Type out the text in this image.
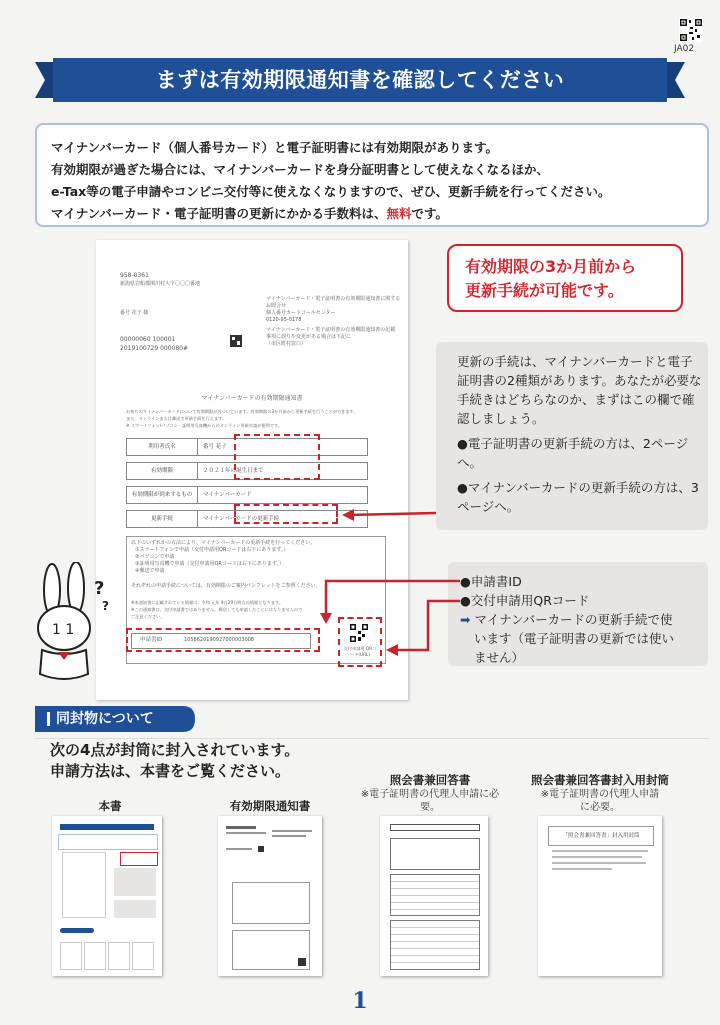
JA02
まずは有効期限通知書を確認してください

マイナンバーカード（個人番号カード）と電子証明書には有効期限があります。

有効期限が過ぎた場合には、マイナンバーカードを身分証明書として使えなくなるほか、

e-Tax等の電子申請やコンビニ交付等に使えなくなりますので、ぜひ、更新手続を行ってください。

マイナンバーカード・電子証明書の更新にかかる手数料は、無料です。

有効期限の3か月前から
更新手続が可能です。
958-0361
新潟県岩船郡関川村大字〇〇〇番地
番号 花子 様
00000060 100001
2019100729 000080#
マイナンバーカード・電子証明書の有効期限通知書に関する
お問合せ
個人番号カードコールセンター
0120-95-0178
マイナンバーカード・電子証明書の有効期限通知書の記載
事項に誤りや変更がある場合は下記に
（市区町村窓口）
マイナンバーカードの有効期限通知書
お持ちのマイナンバーカードについて有効期限が近づいています。有効期限の3か月前から更新手続を行うことができます。
また、オンラインまたは郵送で更新手続を行えます。
※ スマートフォン/パソコン・証明用写真機からのオンライン更新申請が便利です。
利用者氏名	番号 花子
有効期限	２０２１年の誕生日まで
有効期限が到来するもの	マイナンバーカード
更新手続	マイナンバーカードの更新手続
以下のいずれかの方法により、マイナンバーカードの更新手続を行ってください。
①スマートフォンで申請（交付申請用QRコードは右下にあります。）
②パソコンで申請
③証明用写真機で申請（交付申請用QRコードは右下にあります。）
④郵送で申請
それぞれの申請手続については、有効期限のご案内パンフレットをご参照ください。
※本通知書に記載されている情報は、令和 元年 9月29日時点の情報となります。
※この通知書は、交付申請書ではありません。郵送しても申請したことにはなりませんので
ご注意ください。
申請書ID	1058620190927000003008
交付申請用 QRコード(URL)

更新の手続は、マイナンバーカードと電子証明書の2種類があります。あなたが必要な手続きはどちらなのか、まずはこの欄で確認しましょう。

●電子証明書の更新手続の方は、2ページへ。

●マイナンバーカードの更新手続の方は、3ページへ。

●申請書ID
●交付申請用QRコード
➡ マイナンバーカードの更新手続で使
います（電子証明書の更新では使い
ません）
1 1
?
?
同封物について
次の4点が封筒に封入されています。
申請方法は、本書をご覧ください。
本書	有効期限通知書
照会書兼回答書
※電子証明書の代理人申請に必要。
照会書兼回答書封入用封筒
※電子証明書の代理人申請に必要。
「照会書兼回答書」封入用封筒
1
